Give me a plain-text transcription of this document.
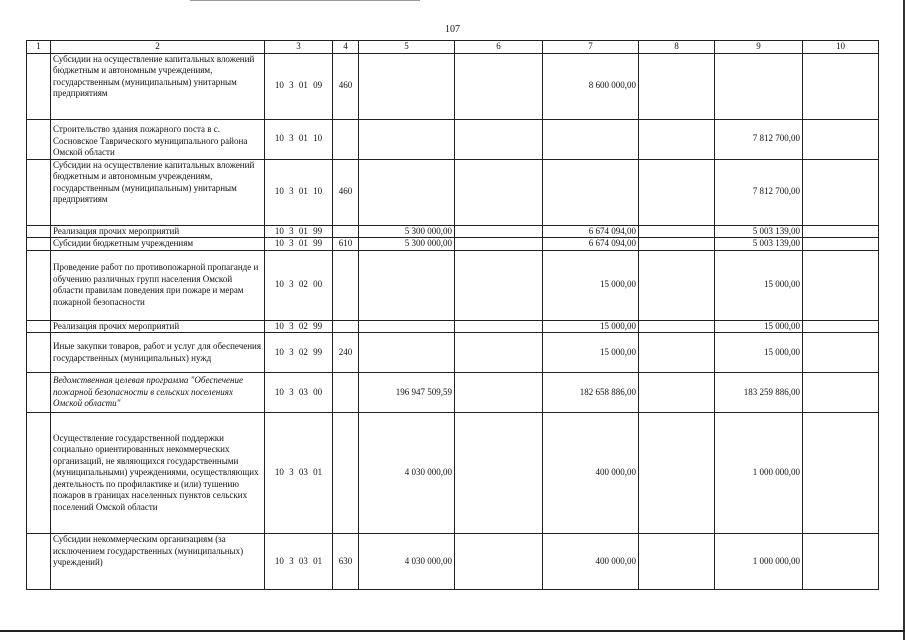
107
1	2	3	4	5	6	7	8	9	10
	Субсидии на осуществление капитальных вложений бюджетным и автономным учреждениям, государственным (муниципальным) унитарным предприятиям	10 3 01 09	460			8 600 000,00			
	Строительство здания пожарного поста в с. Сосновское Таврического муниципального района Омской области	10 3 01 10						7 812 700,00	
	Субсидии на осуществление капитальных вложений бюджетным и автономным учреждениям, государственным (муниципальным) унитарным предприятиям	10 3 01 10	460					7 812 700,00	
	Реализация прочих мероприятий	10 3 01 99		5 300 000,00		6 674 094,00		5 003 139,00	
	Субсидии бюджетным учреждениям	10 3 01 99	610	5 300 000,00		6 674 094,00		5 003 139,00	
	Проведение работ по противопожарной пропаганде и обучению различных групп населения Омской области правилам поведения при пожаре и мерам пожарной безопасности	10 3 02 00				15 000,00		15 000,00	
	Реализация прочих мероприятий	10 3 02 99				15 000,00		15 000,00	
	Иные закупки товаров, работ и услуг для обеспечения государственных (муниципальных) нужд	10 3 02 99	240			15 000,00		15 000,00	
	Ведомственная целевая программа "Обеспечение пожарной безопасности в сельских поселениях Омской области"	10 3 03 00		196 947 509,59		182 658 886,00		183 259 886,00	
	Осуществление государственной поддержки социально ориентированных некоммерческих организаций, не являющихся государственными (муниципальными) учреждениями, осуществляющих деятельность по профилактике и (или) тушению пожаров в границах населенных пунктов сельских поселений Омской области	10 3 03 01		4 030 000,00		400 000,00		1 000 000,00	
	Субсидии некоммерческим организациям (за исключением государственных (муниципальных) учреждений)	10 3 03 01	630	4 030 000,00		400 000,00		1 000 000,00	
